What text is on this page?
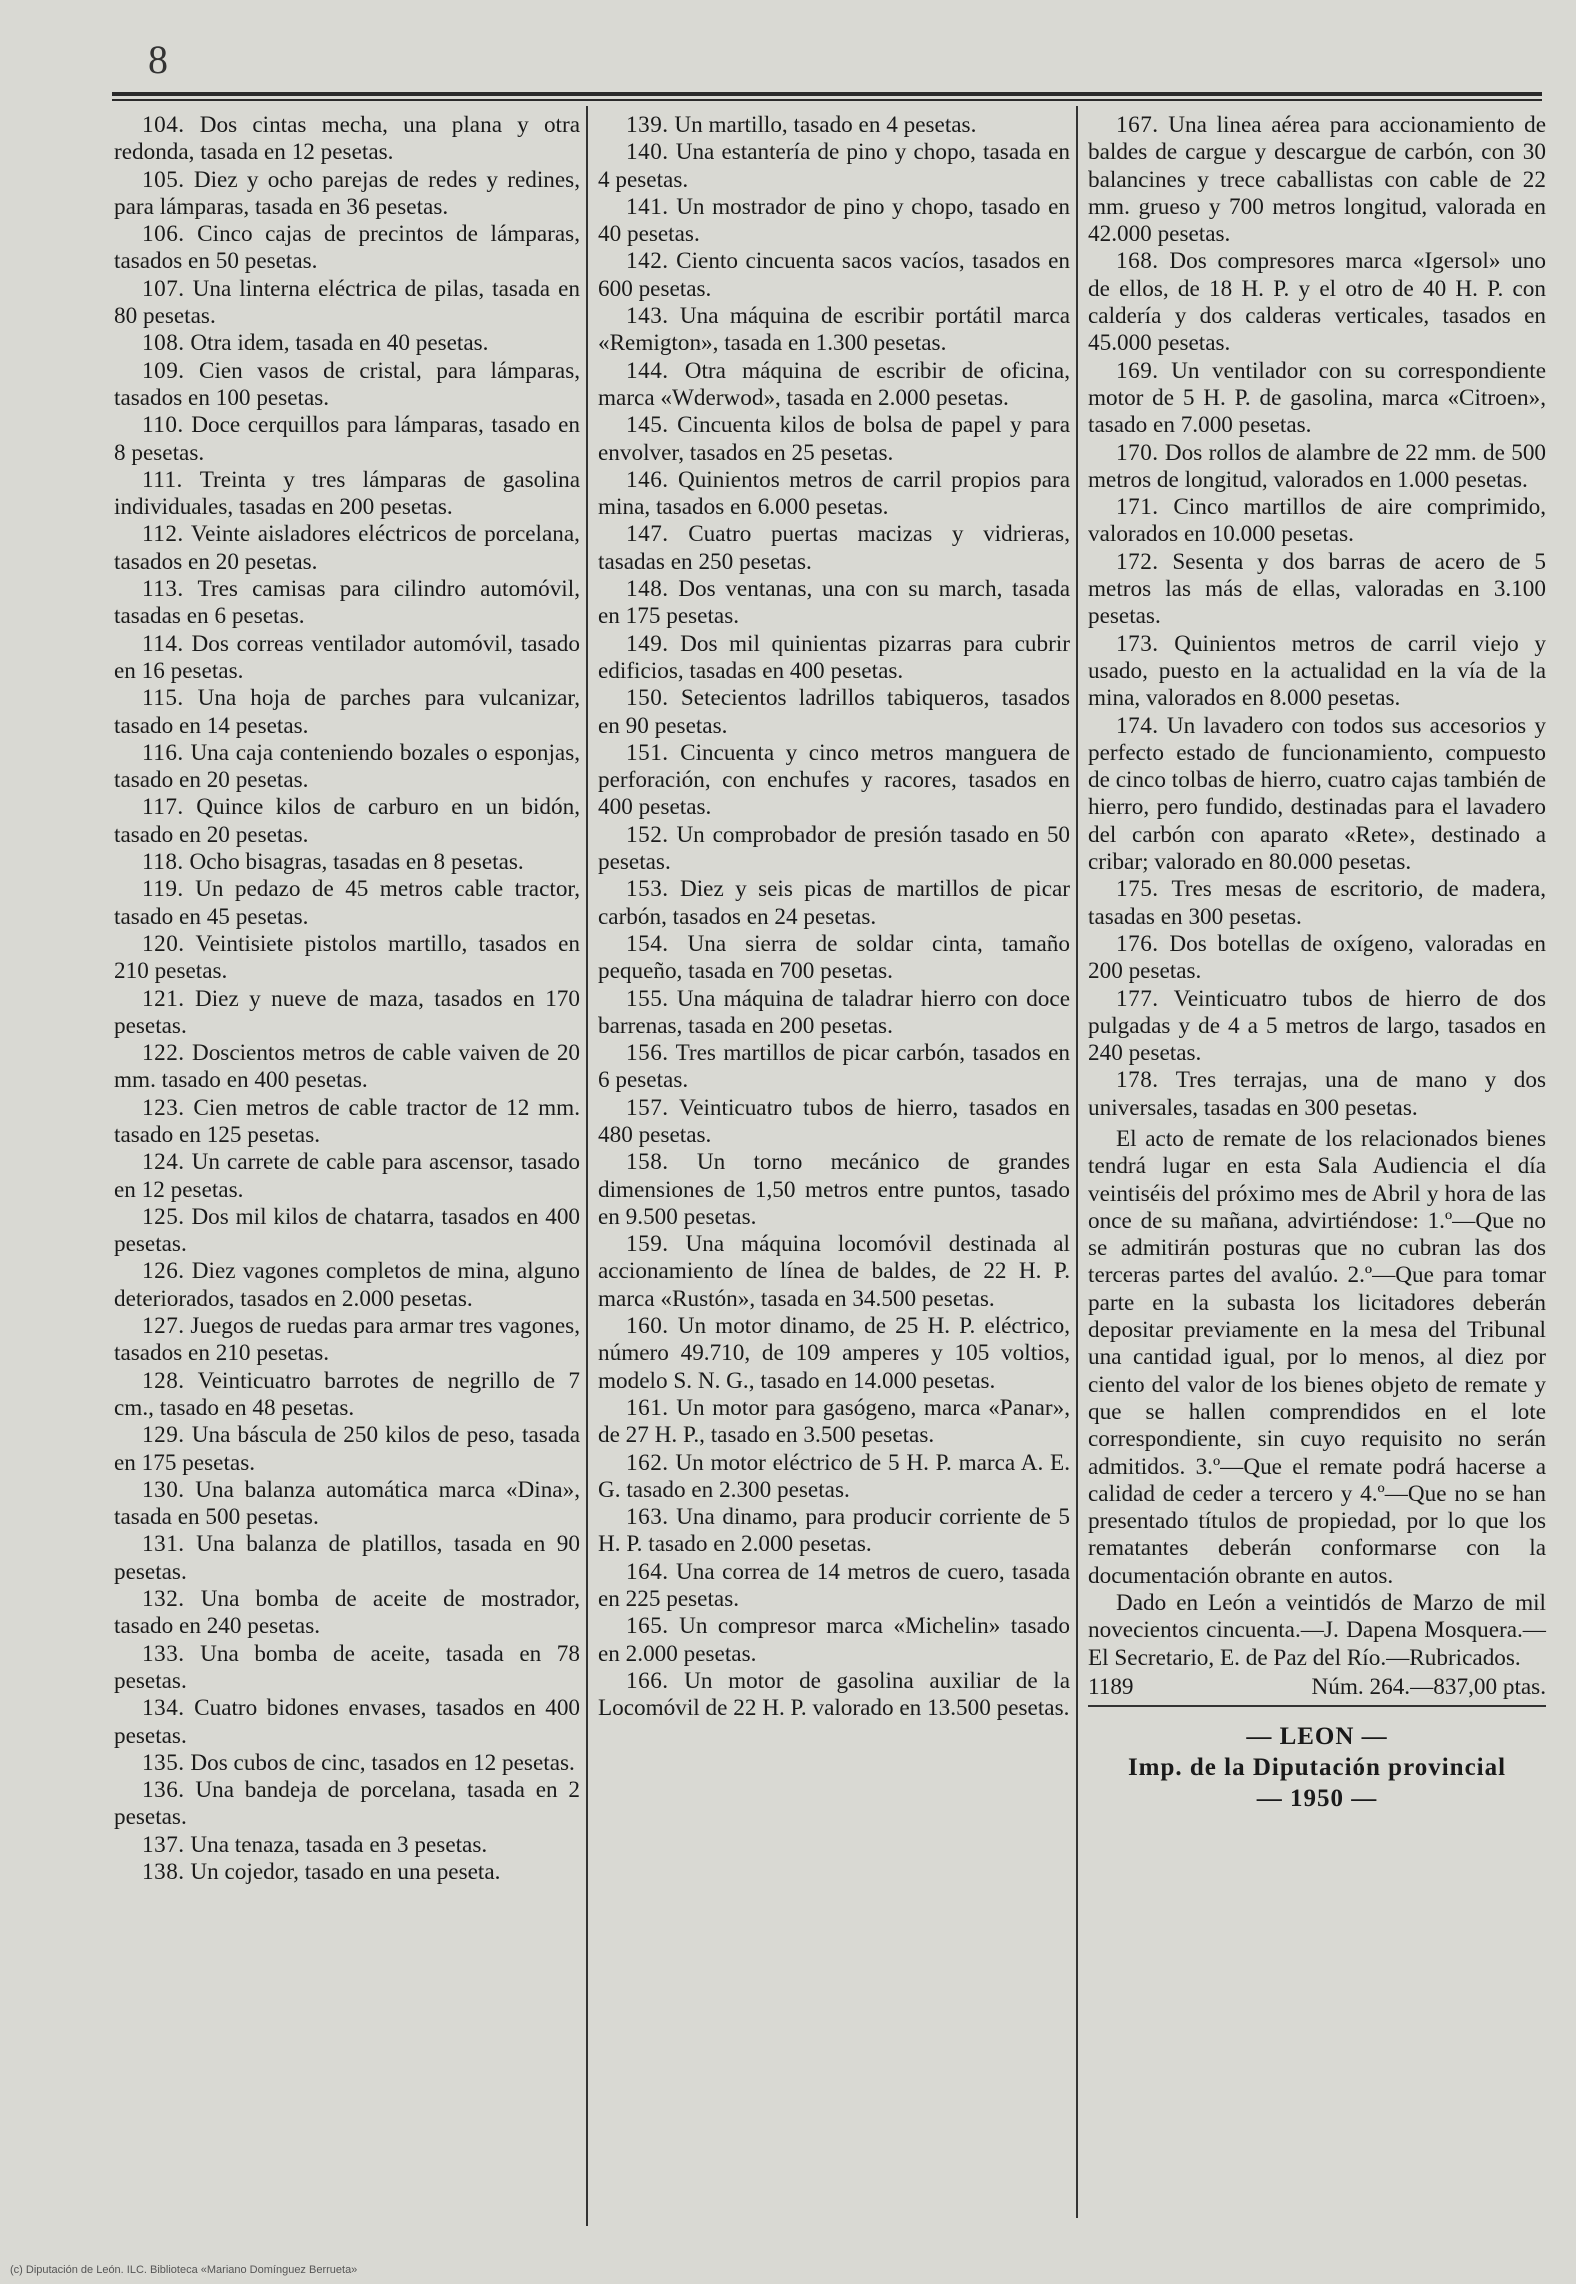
8

104. Dos cintas mecha, una plana y otra redonda, tasada en 12 pesetas.

105. Diez y ocho parejas de redes y redines, para lámparas, tasada en 36 pesetas.

106. Cinco cajas de precintos de lámparas, tasados en 50 pesetas.

107. Una linterna eléctrica de pilas, tasada en 80 pesetas.

108. Otra idem, tasada en 40 pesetas.

109. Cien vasos de cristal, para lámparas, tasados en 100 pesetas.

110. Doce cerquillos para lámparas, tasado en 8 pesetas.

111. Treinta y tres lámparas de gasolina individuales, tasadas en 200 pesetas.

112. Veinte aisladores eléctricos de porcelana, tasados en 20 pesetas.

113. Tres camisas para cilindro automóvil, tasadas en 6 pesetas.

114. Dos correas ventilador automóvil, tasado en 16 pesetas.

115. Una hoja de parches para vulcanizar, tasado en 14 pesetas.

116. Una caja conteniendo bozales o esponjas, tasado en 20 pesetas.

117. Quince kilos de carburo en un bidón, tasado en 20 pesetas.

118. Ocho bisagras, tasadas en 8 pesetas.

119. Un pedazo de 45 metros cable tractor, tasado en 45 pesetas.

120. Veintisiete pistolos martillo, tasados en 210 pesetas.

121. Diez y nueve de maza, tasados en 170 pesetas.

122. Doscientos metros de cable vaiven de 20 mm. tasado en 400 pesetas.

123. Cien metros de cable tractor de 12 mm. tasado en 125 pesetas.

124. Un carrete de cable para ascensor, tasado en 12 pesetas.

125. Dos mil kilos de chatarra, tasados en 400 pesetas.

126. Diez vagones completos de mina, alguno deteriorados, tasados en 2.000 pesetas.

127. Juegos de ruedas para armar tres vagones, tasados en 210 pesetas.

128. Veinticuatro barrotes de negrillo de 7 cm., tasado en 48 pesetas.

129. Una báscula de 250 kilos de peso, tasada en 175 pesetas.

130. Una balanza automática marca «Dina», tasada en 500 pesetas.

131. Una balanza de platillos, tasada en 90 pesetas.

132. Una bomba de aceite de mostrador, tasado en 240 pesetas.

133. Una bomba de aceite, tasada en 78 pesetas.

134. Cuatro bidones envases, tasados en 400 pesetas.

135. Dos cubos de cinc, tasados en 12 pesetas.

136. Una bandeja de porcelana, tasada en 2 pesetas.

137. Una tenaza, tasada en 3 pesetas.

138. Un cojedor, tasado en una peseta.

139. Un martillo, tasado en 4 pesetas.

140. Una estantería de pino y chopo, tasada en 4 pesetas.

141. Un mostrador de pino y chopo, tasado en 40 pesetas.

142. Ciento cincuenta sacos vacíos, tasados en 600 pesetas.

143. Una máquina de escribir portátil marca «Remigton», tasada en 1.300 pesetas.

144. Otra máquina de escribir de oficina, marca «Wderwod», tasada en 2.000 pesetas.

145. Cincuenta kilos de bolsa de papel y para envolver, tasados en 25 pesetas.

146. Quinientos metros de carril propios para mina, tasados en 6.000 pesetas.

147. Cuatro puertas macizas y vidrieras, tasadas en 250 pesetas.

148. Dos ventanas, una con su march, tasada en 175 pesetas.

149. Dos mil quinientas pizarras para cubrir edificios, tasadas en 400 pesetas.

150. Setecientos ladrillos tabiqueros, tasados en 90 pesetas.

151. Cincuenta y cinco metros manguera de perforación, con enchufes y racores, tasados en 400 pesetas.

152. Un comprobador de presión tasado en 50 pesetas.

153. Diez y seis picas de martillos de picar carbón, tasados en 24 pesetas.

154. Una sierra de soldar cinta, tamaño pequeño, tasada en 700 pesetas.

155. Una máquina de taladrar hierro con doce barrenas, tasada en 200 pesetas.

156. Tres martillos de picar carbón, tasados en 6 pesetas.

157. Veinticuatro tubos de hierro, tasados en 480 pesetas.

158. Un torno mecánico de grandes dimensiones de 1,50 metros entre puntos, tasado en 9.500 pesetas.

159. Una máquina locomóvil destinada al accionamiento de línea de baldes, de 22 H. P. marca «Rustón», tasada en 34.500 pesetas.

160. Un motor dinamo, de 25 H. P. eléctrico, número 49.710, de 109 amperes y 105 voltios, modelo S. N. G., tasado en 14.000 pesetas.

161. Un motor para gasógeno, marca «Panar», de 27 H. P., tasado en 3.500 pesetas.

162. Un motor eléctrico de 5 H. P. marca A. E. G. tasado en 2.300 pesetas.

163. Una dinamo, para producir corriente de 5 H. P. tasado en 2.000 pesetas.

164. Una correa de 14 metros de cuero, tasada en 225 pesetas.

165. Un compresor marca «Michelin» tasado en 2.000 pesetas.

166. Un motor de gasolina auxiliar de la Locomóvil de 22 H. P. valorado en 13.500 pesetas.

167. Una linea aérea para accionamiento de baldes de cargue y descargue de carbón, con 30 balancines y trece caballistas con cable de 22 mm. grueso y 700 metros longitud, valorada en 42.000 pesetas.

168. Dos compresores marca «Igersol» uno de ellos, de 18 H. P. y el otro de 40 H. P. con caldería y dos calderas verticales, tasados en 45.000 pesetas.

169. Un ventilador con su correspondiente motor de 5 H. P. de gasolina, marca «Citroen», tasado en 7.000 pesetas.

170. Dos rollos de alambre de 22 mm. de 500 metros de longitud, valorados en 1.000 pesetas.

171. Cinco martillos de aire comprimido, valorados en 10.000 pesetas.

172. Sesenta y dos barras de acero de 5 metros las más de ellas, valoradas en 3.100 pesetas.

173. Quinientos metros de carril viejo y usado, puesto en la actualidad en la vía de la mina, valorados en 8.000 pesetas.

174. Un lavadero con todos sus accesorios y perfecto estado de funcionamiento, compuesto de cinco tolbas de hierro, cuatro cajas también de hierro, pero fundido, destinadas para el lavadero del carbón con aparato «Rete», destinado a cribar; valorado en 80.000 pesetas.

175. Tres mesas de escritorio, de madera, tasadas en 300 pesetas.

176. Dos botellas de oxígeno, valoradas en 200 pesetas.

177. Veinticuatro tubos de hierro de dos pulgadas y de 4 a 5 metros de largo, tasados en 240 pesetas.

178. Tres terrajas, una de mano y dos universales, tasadas en 300 pesetas.

El acto de remate de los relacionados bienes tendrá lugar en esta Sala Audiencia el día veintiséis del próximo mes de Abril y hora de las once de su mañana, advirtiéndose: 1.º—Que no se admitirán posturas que no cubran las dos terceras partes del avalúo. 2.º—Que para tomar parte en la subasta los licitadores deberán depositar previamente en la mesa del Tribunal una cantidad igual, por lo menos, al diez por ciento del valor de los bienes objeto de remate y que se hallen comprendidos en el lote correspondiente, sin cuyo requisito no serán admitidos. 3.º—Que el remate podrá hacerse a calidad de ceder a tercero y 4.º—Que no se han presentado títulos de propiedad, por lo que los rematantes deberán conformarse con la documentación obrante en autos.

Dado en León a veintidós de Marzo de mil novecientos cincuenta.—J. Dapena Mosquera.—El Secretario, E. de Paz del Río.—Rubricados.

1189	Núm. 264.—837,00 ptas.
— LEON —
Imp. de la Diputación provincial
— 1950 —
(c) Diputación de León. ILC. Biblioteca «Mariano Domínguez Berrueta»
